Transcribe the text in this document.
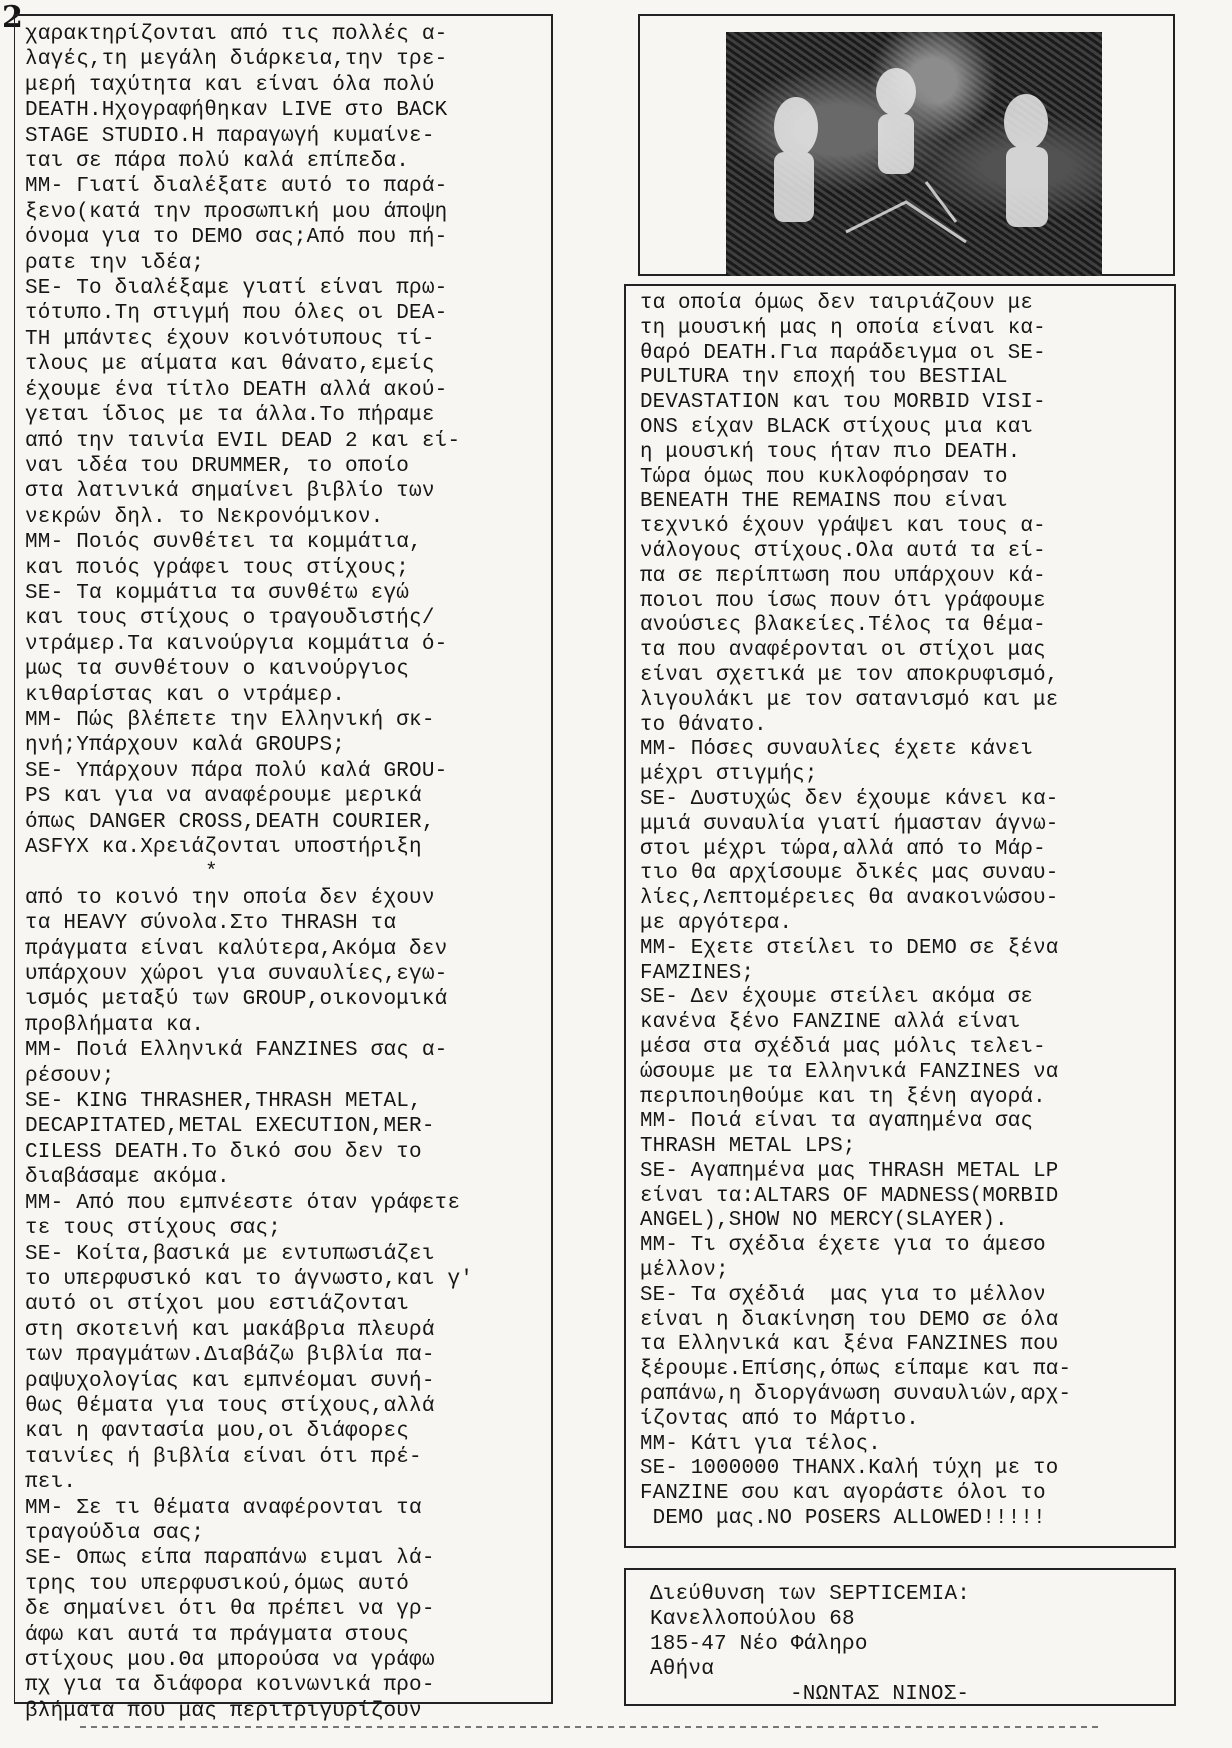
2 χαρακτηρίζονται από τις πολλές α-
λαγές,τη μεγάλη διάρκεια,την τρε-
μερή ταχύτητα και είναι όλα πολύ
DEATH.Ηχογραφήθηκαν LIVE στο BACK
STAGE STUDIO.Η παραγωγή κυμαίνε-
ται σε πάρα πολύ καλά επίπεδα.
MM- Γιατί διαλέξατε αυτό το παρά-
ξενο(κατά την προσωπική μου άποψη
όνομα για το DEMO σας;Από που πή-
ρατε την ιδέα;
SE- Το διαλέξαμε γιατί είναι πρω-
τότυπο.Τη στιγμή που όλες οι DEA-
TH μπάντες έχουν κοινότυπους τί-
τλους με αίματα και θάνατο,εμείς
έχουμε ένα τίτλο DEATH αλλά ακού-
γεται ίδιος με τα άλλα.Το πήραμε
από την ταινία EVIL DEAD 2 και εί-
ναι ιδέα του DRUMMER, το οποίο
στα λατινικά σημαίνει βιβλίο των
νεκρών δηλ. το Νεκρονόμικον.
MM- Ποιός συνθέτει τα κομμάτια,
και ποιός γράφει τους στίχους;
SE- Τα κομμάτια τα συνθέτω εγώ
και τους στίχους ο τραγουδιστής/
ντράμερ.Τα καινούργια κομμάτια ό-
μως τα συνθέτουν ο καινούργιος
κιθαρίστας και ο ντράμερ.
MM- Πώς βλέπετε την Ελληνική σκ-
ηνή;Υπάρχουν καλά GROUPS;
SE- Υπάρχουν πάρα πολύ καλά GROU-
PS και για να αναφέρουμε μερικά
όπως DANGER CROSS,DEATH COURIER,
ASFYX κα.Χρειάζονται υποστήριξη
*
από το κοινό την οποία δεν έχουν
τα HEAVY σύνολα.Στο THRASH τα
πράγματα είναι καλύτερα,Ακόμα δεν
υπάρχουν χώροι για συναυλίες,εγω-
ισμός μεταξύ των GROUP,οικονομικά
προβλήματα κα.
MM- Ποιά Ελληνικά FANZINES σας α-
ρέσουν;
SE- KING THRASHER,THRASH METAL,
DECAPITATED,METAL EXECUTION,MER-
CILESS DEATH.Το δικό σου δεν το
διαβάσαμε ακόμα.
MM- Από που εμπνέεστε όταν γράφετε
τε τους στίχους σας;
SE- Κοίτα,βασικά με εντυπωσιάζει
το υπερφυσικό και το άγνωστο,και γ'
αυτό οι στίχοι μου εστιάζονται
στη σκοτεινή και μακάβρια πλευρά
των πραγμάτων.Διαβάζω βιβλία πα-
ραψυχολογίας και εμπνέομαι συνή-
θως θέματα για τους στίχους,αλλά
και η φαντασία μου,οι διάφορες
ταινίες ή βιβλία είναι ότι πρέ-
πει.
MM- Σε τι θέματα αναφέρονται τα
τραγούδια σας;
SE- Οπως είπα παραπάνω ειμαι λά-
τρης του υπερφυσικού,όμως αυτό
δε σημαίνει ότι θα πρέπει να γρ-
άφω και αυτά τα πράγματα στους
στίχους μου.Θα μπορούσα να γράφω
πχ για τα διάφορα κοινωνικά προ-
βλήματα που μας περιτριγυρίζουν
τα οποία όμως δεν ταιριάζουν με
τη μουσική μας η οποία είναι κα-
θαρό DEATH.Για παράδειγμα οι SE-
PULTURA την εποχή του BESTIAL
DEVASTATION και του MORBID VISI-
ONS είχαν BLACK στίχους μια και
η μουσική τους ήταν πιο DEATH.
Τώρα όμως που κυκλοφόρησαν το
BENEATH THE REMAINS που είναι
τεχνικό έχουν γράψει και τους α-
νάλογους στίχους.Ολα αυτά τα εί-
πα σε περίπτωση που υπάρχουν κά-
ποιοι που ίσως πουν ότι γράφουμε
ανούσιες βλακείες.Τέλος τα θέμα-
τα που αναφέρονται οι στίχοι μας
είναι σχετικά με τον αποκρυφισμό,
λιγουλάκι με τον σατανισμό και με
το θάνατο.
MM- Πόσες συναυλίες έχετε κάνει
μέχρι στιγμής;
SE- Δυστυχώς δεν έχουμε κάνει κα-
μμιά συναυλία γιατί ήμασταν άγνω-
στοι μέχρι τώρα,αλλά από το Μάρ-
τιο θα αρχίσουμε δικές μας συναυ-
λίες,Λεπτομέρειες θα ανακοινώσου-
με αργότερα.
MM- Εχετε στείλει το DEMO σε ξένα
FAMZINES;
SE- Δεν έχουμε στείλει ακόμα σε
κανένα ξένο FANZINE αλλά είναι
μέσα στα σχέδιά μας μόλις τελει-
ώσουμε με τα Ελληνικά FANZINES να
περιποιηθούμε και τη ξένη αγορά.
MM- Ποιά είναι τα αγαπημένα σας
THRASH METAL LPS;
SE- Αγαπημένα μας THRASH METAL LP
είναι τα:ALTARS OF MADNESS(MORBID
ANGEL),SHOW NO MERCY(SLAYER).
MM- Τι σχέδια έχετε για το άμεσο
μέλλον;
SE- Τα σχέδιά  μας για το μέλλον
είναι η διακίνηση του DEMO σε όλα
τα Ελληνικά και ξένα FANZINES που
ξέρουμε.Επίσης,όπως είπαμε και πα-
ραπάνω,η διοργάνωση συναυλιών,αρχ-
ίζοντας από το Μάρτιο.
MM- Κάτι για τέλος.
SE- 1000000 THANX.Καλή τύχη με το
FANZINE σου και αγοράστε όλοι το
DEMO μας.NO POSERS ALLOWED!!!!!
Διεύθυνση των SEPTICEMIA:
Κανελλοπούλου 68
185-47 Νέο Φάληρο
Αθήνα
-ΝΩΝΤΑΣ ΝΙΝΟΣ-
